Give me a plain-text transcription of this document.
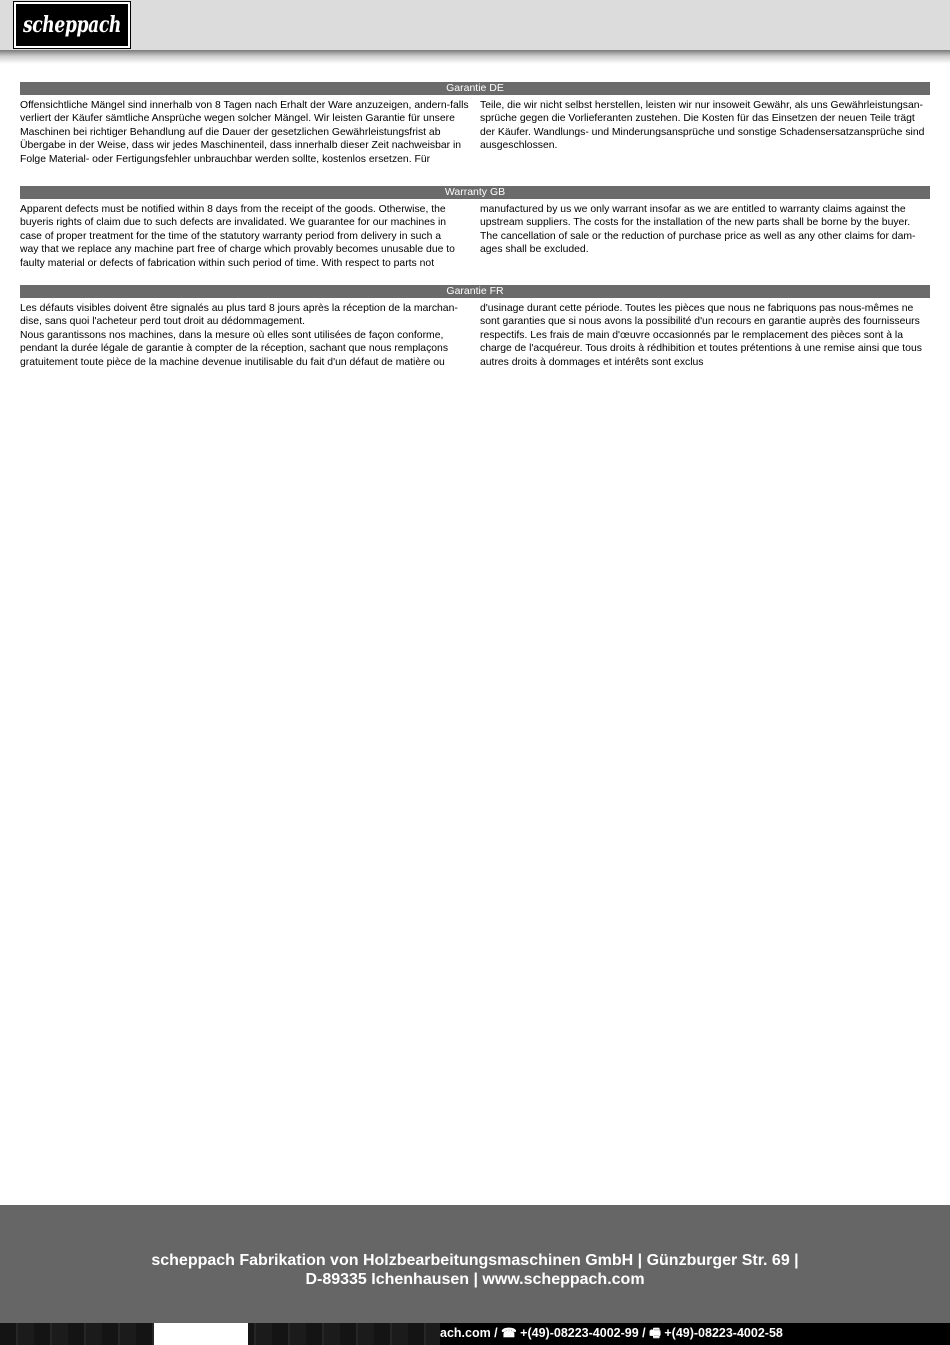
scheppach
Garantie DE
Offensichtliche Mängel sind innerhalb von 8 Tagen nach Erhalt der Ware anzuzeigen, andern-falls verliert der Käufer sämtliche Ansprüche wegen solcher Mängel. Wir leisten Garantie für unsere Maschinen bei richtiger Behandlung auf die Dauer der gesetzlichen Gewährleistungsfrist ab Übergabe in der Weise, dass wir jedes Maschinenteil, dass innerhalb dieser Zeit nachweisbar in Folge Material- oder Fertigungsfehler unbrauchbar werden sollte, kostenlos ersetzen. Für
Teile, die wir nicht selbst herstellen, leisten wir nur insoweit Gewähr, als uns Gewährleistungsan-sprüche gegen die Vorlieferanten zustehen. Die Kosten für das Einsetzen der neuen Teile trägt der Käufer. Wandlungs- und Minderungsansprüche und sonstige Schadensersatzansprüche sind ausgeschlossen.
Warranty GB
Apparent defects must be notified within 8 days from the receipt of the goods. Otherwise, the buyeris rights of claim due to such defects are invalidated. We guarantee for our machines in case of proper treatment for the time of the statutory warranty period from delivery in such a way that we replace any machine part free of charge which provably becomes unusable due to faulty material or defects of fabrication within such period of time. With respect to parts not
manufactured by us we only warrant insofar as we are entitled to warranty claims against the upstream suppliers. The costs for the installation of the new parts shall be borne by the buyer. The cancellation of sale or the reduction of purchase price as well as any other claims for dam-ages shall be excluded.
Garantie FR
Les défauts visibles doivent être signalés au plus tard 8 jours après la réception de la marchan-dise, sans quoi l'acheteur perd tout droit au dédommagement.
Nous garantissons nos machines, dans la mesure où elles sont utilisées de façon conforme, pendant la durée légale de garantie à compter de la réception, sachant que nous remplaçons gratuitement toute pièce de la machine devenue inutilisable du fait d'un défaut de matière ou
d'usinage durant cette période. Toutes les pièces que nous ne fabriquons pas nous-mêmes ne sont garanties que si nous avons la possibilité d'un recours en garantie auprès des fournisseurs respectifs. Les frais de main d'œuvre occasionnés par le remplacement des pièces sont à la charge de l'acquéreur. Tous droits à rédhibition et toutes prétentions à une remise ainsi que tous autres droits à dommages et intérêts sont exclus
scheppach Fabrikation von Holzbearbeitungsmaschinen GmbH | Günzburger Str. 69 |
D-89335 Ichenhausen | www.scheppach.com
ach.com / ☎ +(49)-08223-4002-99 / 🖷 +(49)-08223-4002-58
